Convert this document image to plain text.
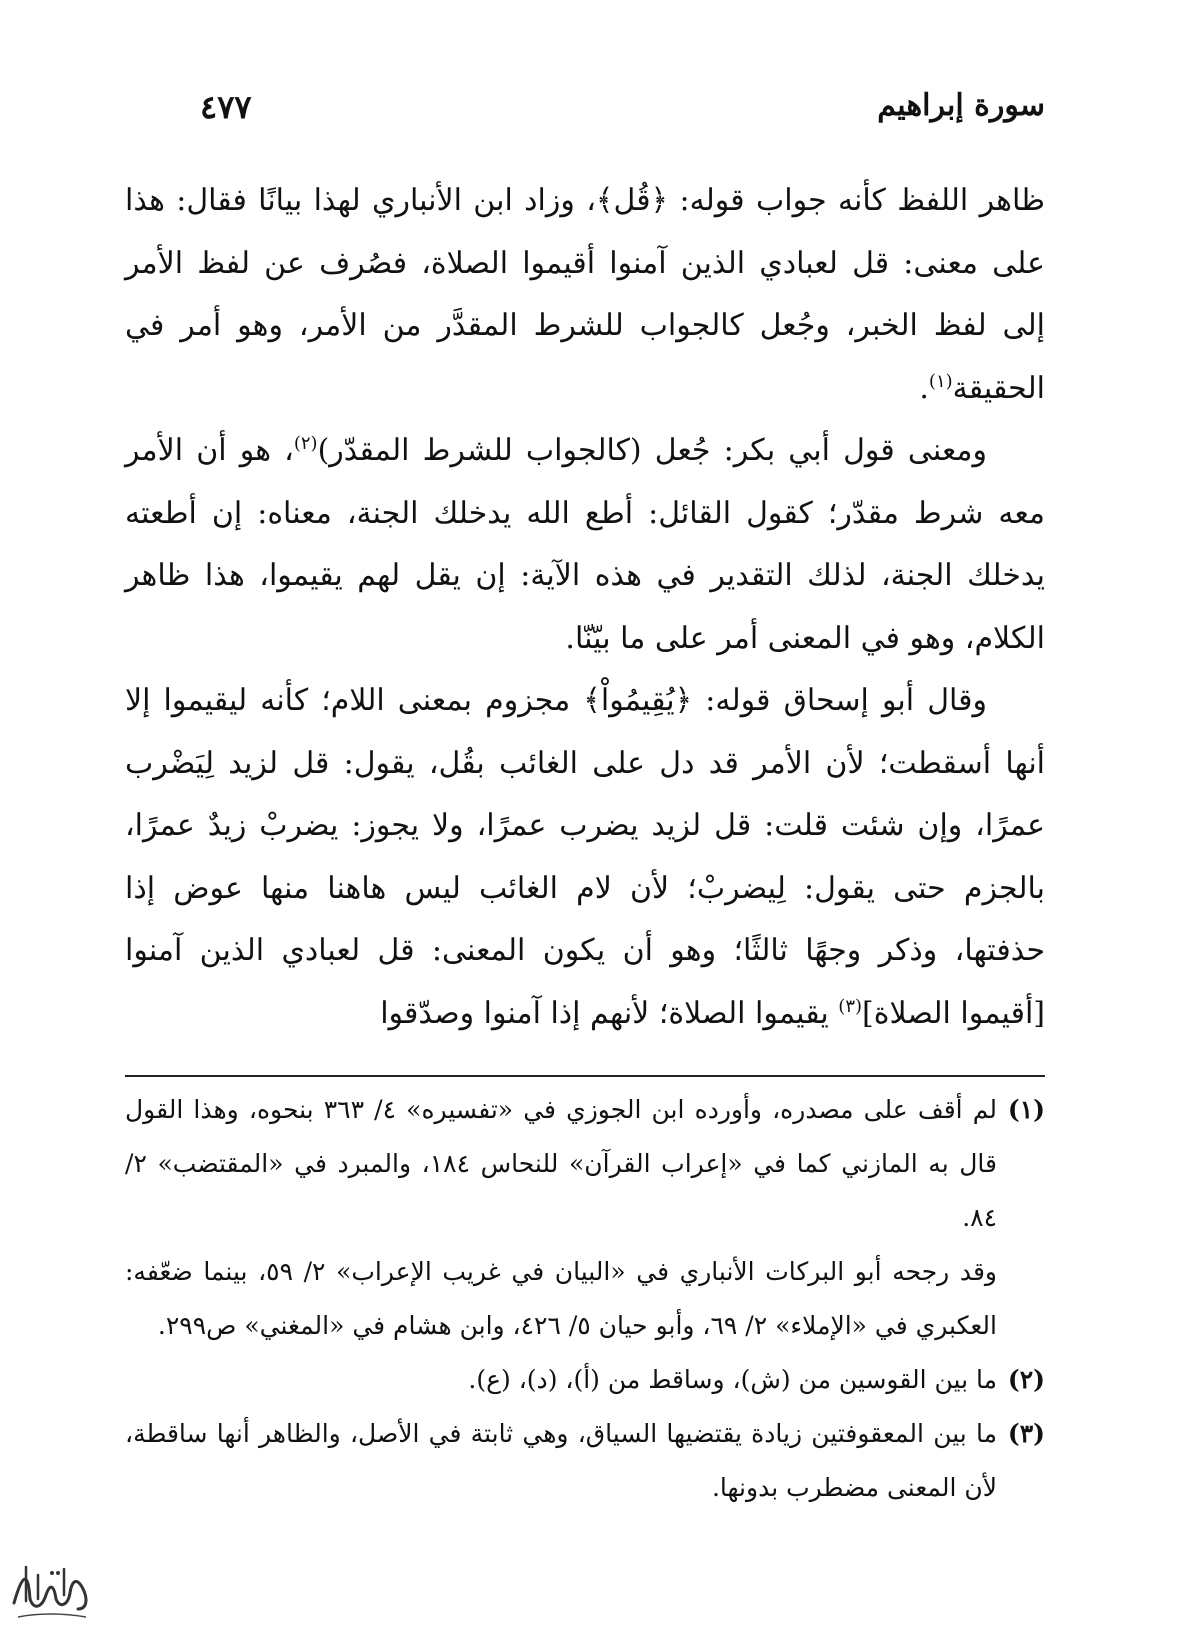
سورة إبراهيم
٤٧٧

ظاهر اللفظ كأنه جواب قوله: ﴿قُل﴾، وزاد ابن الأنباري لهذا بيانًا فقال: هذا على معنى: قل لعبادي الذين آمنوا أقيموا الصلاة، فصُرف عن لفظ الأمر إلى لفظ الخبر، وجُعل كالجواب للشرط المقدَّر من الأمر، وهو أمر في الحقيقة$^{(١)}$.

ومعنى قول أبي بكر: جُعل (كالجواب للشرط المقدّر)$^{(٢)}$، هو أن الأمر معه شرط مقدّر؛ كقول القائل: أطع الله يدخلك الجنة، معناه: إن أطعته يدخلك الجنة، لذلك التقدير في هذه الآية: إن يقل لهم يقيموا، هذا ظاهر الكلام، وهو في المعنى أمر على ما بيّنّا.

وقال أبو إسحاق قوله: ﴿يُقِيمُواْ﴾ مجزوم بمعنى اللام؛ كأنه ليقيموا إلا أنها أسقطت؛ لأن الأمر قد دل على الغائب بقُل، يقول: قل لزيد لِيَضْرب عمرًا، وإن شئت قلت: قل لزيد يضرب عمرًا، ولا يجوز: يضربْ زيدٌ عمرًا، بالجزم حتى يقول: لِيضربْ؛ لأن لام الغائب ليس هاهنا منها عوض إذا حذفتها، وذكر وجهًا ثالثًا؛ وهو أن يكون المعنى: قل لعبادي الذين آمنوا [أقيموا الصلاة]$^{(٣)}$ يقيموا الصلاة؛ لأنهم إذا آمنوا وصدّقوا

(١)

لم أقف على مصدره، وأورده ابن الجوزي في «تفسيره» ٤/ ٣٦٣ بنحوه، وهذا القول قال به المازني كما في «إعراب القرآن» للنحاس ١٨٤، والمبرد في «المقتضب» ٢/ ٨٤.

وقد رجحه أبو البركات الأنباري في «البيان في غريب الإعراب» ٢/ ٥٩، بينما ضعّفه: العكبري في «الإملاء» ٢/ ٦٩، وأبو حيان ٥/ ٤٢٦، وابن هشام في «المغني» ص٢٩٩.

(٢)

ما بين القوسين من (ش)، وساقط من (أ)، (د)، (ع).

(٣)

ما بين المعقوفتين زيادة يقتضيها السياق، وهي ثابتة في الأصل، والظاهر أنها ساقطة، لأن المعنى مضطرب بدونها.
